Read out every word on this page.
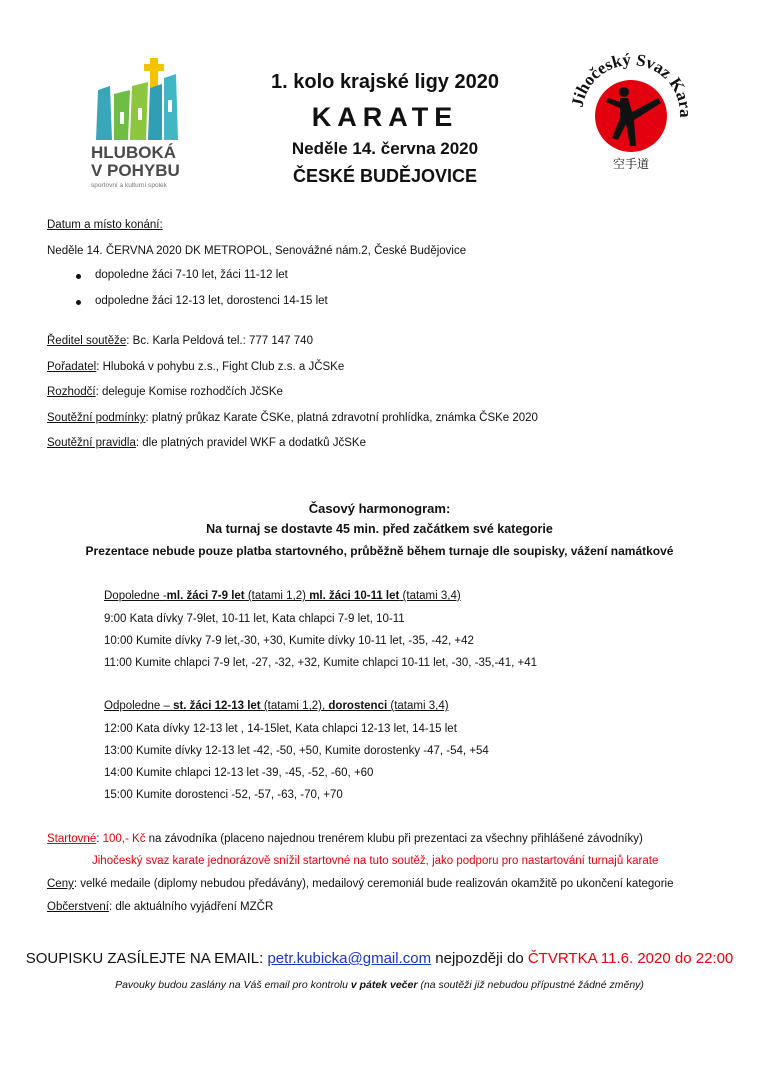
HLUBOKÁ
V POHYBU
sportovní a kulturní spolek
1. kolo krajské ligy 2020
KARATE
Neděle 14. června 2020
ČESKÉ BUDĚJOVICE
Jihočeský Svaz Kara
空手道
Datum a místo konání:
Neděle 14. ČERVNA 2020 DK METROPOL, Senovážné nám.2, České Budějovice
dopoledne žáci 7-10 let, žáci 11-12 let
odpoledne žáci 12-13 let, dorostenci 14-15 let
Ředitel soutěže: Bc. Karla Peldová tel.: 777 147 740
Pořadatel: Hluboká v pohybu z.s., Fight Club z.s. a JČSKe
Rozhodčí: deleguje Komise rozhodčích JčSKe
Soutěžní podmínky: platný průkaz Karate ČSKe, platná zdravotní prohlídka, známka ČSKe 2020
Soutěžní pravidla: dle platných pravidel WKF a dodatků JčSKe
Časový harmonogram:
Na turnaj se dostavte 45 min. před začátkem své kategorie
Prezentace nebude pouze platba startovného, průběžně během turnaje dle soupisky, vážení namátkové
Dopoledne -ml. žáci 7-9 let (tatami 1,2) ml. žáci 10-11 let (tatami 3,4)
9:00 Kata dívky 7-9let, 10-11 let, Kata chlapci 7-9 let, 10-11
10:00 Kumite dívky 7-9 let,-30, +30, Kumite dívky 10-11 let, -35, -42, +42
11:00 Kumite chlapci 7-9 let, -27, -32, +32, Kumite chlapci 10-11 let, -30, -35,-41, +41
Odpoledne – st. žáci 12-13 let (tatami 1,2), dorostenci (tatami 3,4)
12:00 Kata dívky 12-13 let , 14-15let, Kata chlapci 12-13 let, 14-15 let
13:00 Kumite dívky 12-13 let -42, -50, +50, Kumite dorostenky -47, -54, +54
14:00 Kumite chlapci 12-13 let -39, -45, -52, -60, +60
15:00 Kumite dorostenci -52, -57, -63, -70, +70
Startovné: 100,- Kč na závodníka (placeno najednou trenérem klubu při prezentaci za všechny přihlášené závodníky)
Jihočeský svaz karate jednorázově snížil startovné na tuto soutěž, jako podporu pro nastartování turnajů karate
Ceny: velké medaile (diplomy nebudou předávány), medailový ceremoniál bude realizován okamžitě po ukončení kategorie
Občerstvení: dle aktuálního vyjádření MZČR
SOUPISKU ZASÍLEJTE NA EMAIL: petr.kubicka@gmail.com nejpozději do ČTVRTKA 11.6. 2020 do 22:00
Pavouky budou zaslány na Váš email pro kontrolu v pátek večer (na soutěži již nebudou přípustné žádné změny)
